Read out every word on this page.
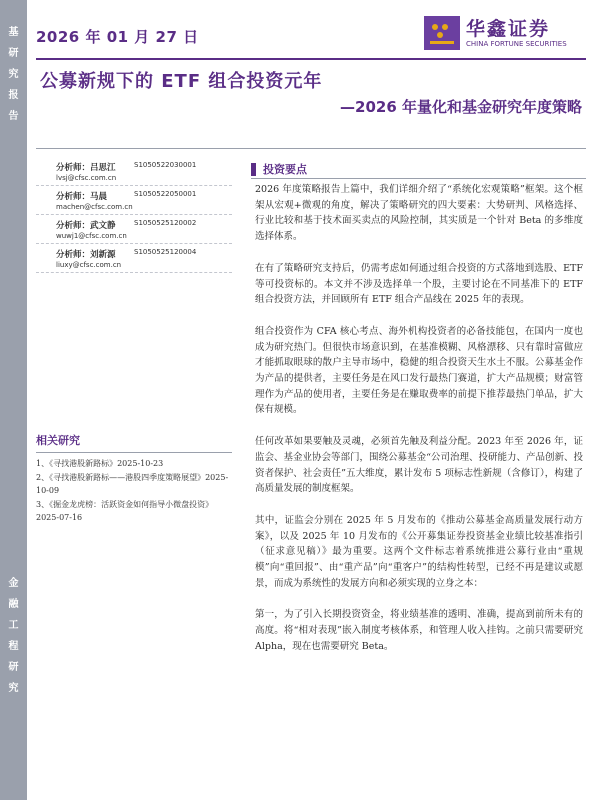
基
研
究
报
告
金
融
工
程
研
究
2026 年 01 月 27 日	华鑫证券
CHINA FORTUNE SECURITIES
公募新规下的 ETF 组合投资元年
—2026 年量化和基金研究年度策略
分析师：吕思江	S1050522030001
lvsj@cfsc.com.cn
分析师：马晨	S1050522050001
machen@cfsc.com.cn
分析师：武文静	S1050525120002
wuwj1@cfsc.com.cn
分析师：刘新源	S1050525120004
liuxy@cfsc.com.cn
相关研究
1、《寻找港股新路标》2025-10-23
2、《寻找港股新路标——港股四季度策略展望》2025-10-09
3、《掘金龙虎榜：活跃资金如何指导小微盘投资》2025-07-16
投资要点

2026 年度策略报告上篇中，我们详细介绍了“系统化宏观策略”框架。这个框架从宏观+微观的角度，解决了策略研究的四大要素：大势研判、风格选择、行业比较和基于技术面买卖点的风险控制，其实质是一个针对 Beta 的多维度选择体系。

在有了策略研究支持后，仍需考虑如何通过组合投资的方式落地到选股、ETF 等可投资标的。本文并不涉及选择单一个股，主要讨论在不同基准下的 ETF 组合投资方法，并回顾所有 ETF 组合产品线在 2025 年的表现。

组合投资作为 CFA 核心考点、海外机构投资者的必备技能包，在国内一度也成为研究热门。但很快市场意识到，在基准模糊、风格漂移、只有靠时富做应才能抓取眼球的散户主导市场中，稳健的组合投资天生水土不服。公募基金作为产品的提供者，主要任务是在风口发行最热门赛道，扩大产品规模；财富管理作为产品的使用者，主要任务是在赚取费率的前提下推荐最热门单品，扩大保有规模。

任何改革如果要触及灵魂，必须首先触及利益分配。2023 年至 2026 年，证监会、基金业协会等部门，围绕公募基金“公司治理、投研能力、产品创新、投资者保护、社会责任”五大维度，累计发布 5 项标志性新规（含修订），构建了高质量发展的制度框架。

其中，证监会分别在 2025 年 5 月发布的《推动公募基金高质量发展行动方案》，以及 2025 年 10 月发布的《公开募集证券投资基金业绩比较基准指引（征求意见稿）》最为重要。这两个文件标志着系统推进公募行业由“重规模”向“重回报”、由“重产品”向“重客户”的结构性转型，已经不再是建议或愿景，而成为系统性的发展方向和必须实现的立身之本：

第一，为了引入长期投资资金，将业绩基准的透明、准确，提高到前所未有的高度。将“相对表现”嵌入制度考核体系，和管理人收入挂钩。之前只需要研究 Alpha，现在也需要研究 Beta。
